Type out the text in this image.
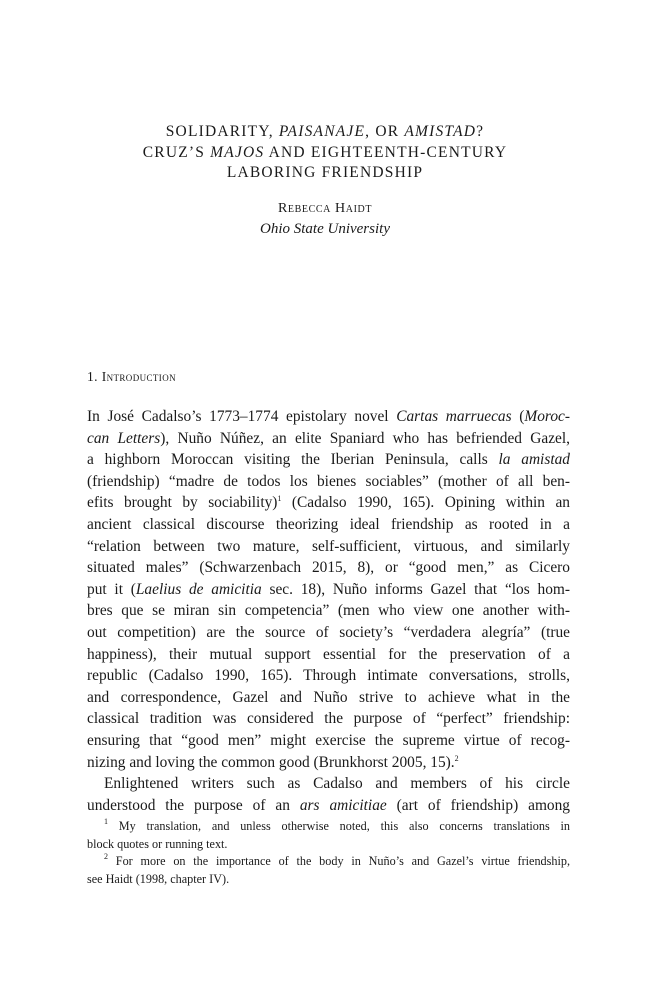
SOLIDARITY, PAISANAJE, OR AMISTAD?
CRUZ’S MAJOS AND EIGHTEENTH-CENTURY
LABORING FRIENDSHIP
Rebecca Haidt
Ohio State University
1. Introduction
In José Cadalso’s 1773–1774 epistolary novel Cartas marruecas (Moroc-
can Letters), Nuño Núñez, an elite Spaniard who has befriended Gazel,
a highborn Moroccan visiting the Iberian Peninsula, calls la amistad
(friendship) “madre de todos los bienes sociables” (mother of all ben-
efits brought by sociability)$^1$ (Cadalso 1990, 165). Opining within an
ancient classical discourse theorizing ideal friendship as rooted in a
“relation between two mature, self-sufficient, virtuous, and similarly
situated males” (Schwarzenbach 2015, 8), or “good men,” as Cicero
put it (Laelius de amicitia sec. 18), Nuño informs Gazel that “los hom-
bres que se miran sin competencia” (men who view one another with-
out competition) are the source of society’s “verdadera alegría” (true
happiness), their mutual support essential for the preservation of a
republic (Cadalso 1990, 165). Through intimate conversations, strolls,
and correspondence, Gazel and Nuño strive to achieve what in the
classical tradition was considered the purpose of “perfect” friendship:
ensuring that “good men” might exercise the supreme virtue of recog-
nizing and loving the common good (Brunkhorst 2005, 15).$^2$
Enlightened writers such as Cadalso and members of his circle
understood the purpose of an ars amicitiae (art of friendship) among
$^1$ My translation, and unless otherwise noted, this also concerns translations in
block quotes or running text.
$^2$ For more on the importance of the body in Nuño’s and Gazel’s virtue friendship,
see Haidt (1998, chapter IV).
